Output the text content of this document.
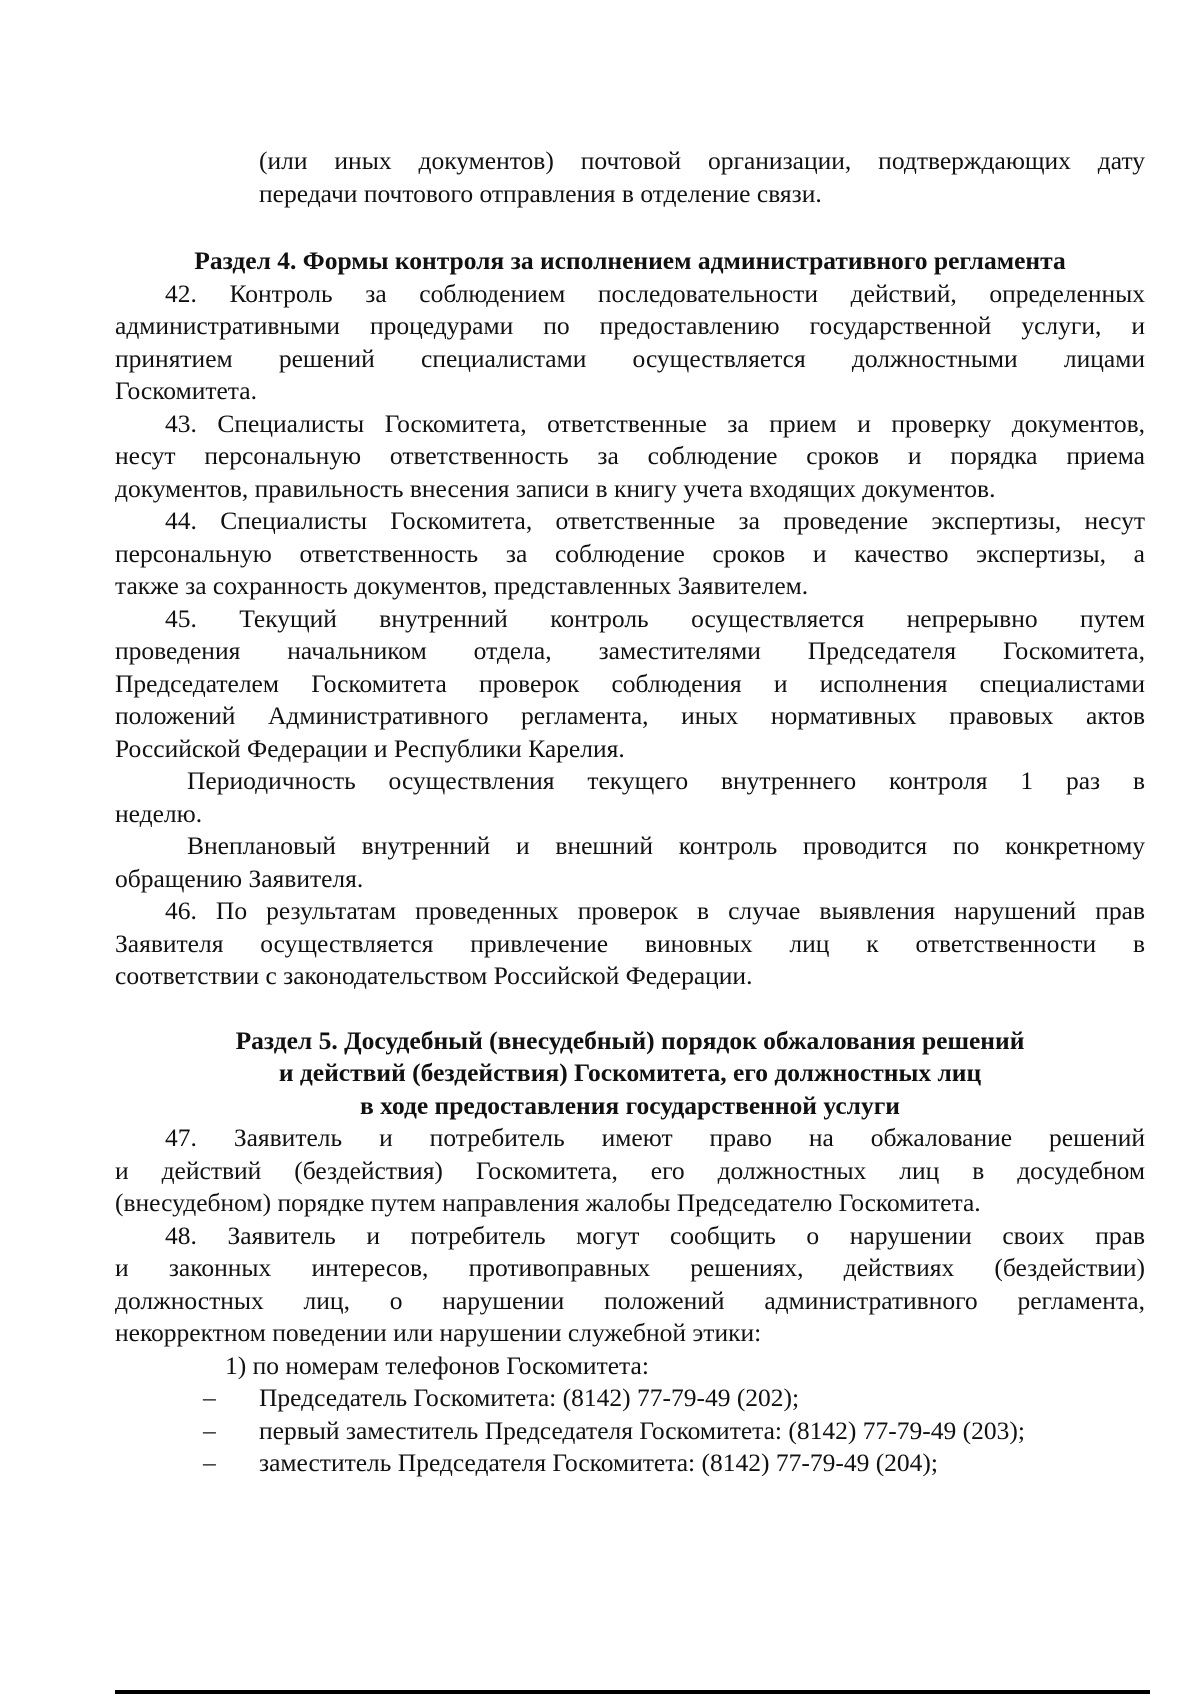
(или иных документов) почтовой организации, подтверждающих дату
передачи почтового отправления в отделение связи.
Раздел 4. Формы контроля за исполнением административного регламента
42. Контроль за соблюдением последовательности действий, определенных
административными процедурами по предоставлению государственной услуги, и
принятием решений специалистами осуществляется должностными лицами
Госкомитета.
43. Специалисты Госкомитета, ответственные за прием и проверку документов,
несут персональную ответственность за соблюдение сроков и порядка приема
документов, правильность внесения записи в книгу учета входящих документов.
44. Специалисты Госкомитета, ответственные за проведение экспертизы, несут
персональную ответственность за соблюдение сроков и качество экспертизы, а
также за сохранность документов, представленных Заявителем.
45. Текущий внутренний контроль осуществляется непрерывно путем
проведения начальником отдела, заместителями Председателя Госкомитета,
Председателем Госкомитета проверок соблюдения и исполнения специалистами
положений Административного регламента, иных нормативных правовых актов
Российской Федерации и Республики Карелия.
Периодичность осуществления текущего внутреннего контроля 1 раз в
неделю.
Внеплановый внутренний и внешний контроль проводится по конкретному
обращению Заявителя.
46. По результатам проведенных проверок в случае выявления нарушений прав
Заявителя осуществляется привлечение виновных лиц к ответственности в
соответствии с законодательством Российской Федерации.
Раздел 5. Досудебный (внесудебный) порядок обжалования решений
и действий (бездействия) Госкомитета, его должностных лиц
в ходе предоставления государственной услуги
47. Заявитель и потребитель имеют право на обжалование решений
и действий (бездействия) Госкомитета, его должностных лиц в досудебном
(внесудебном) порядке путем направления жалобы Председателю Госкомитета.
48. Заявитель и потребитель могут сообщить о нарушении своих прав
и законных интересов, противоправных решениях, действиях (бездействии)
должностных лиц, о нарушении положений административного регламента,
некорректном поведении или нарушении служебной этики:
1) по номерам телефонов Госкомитета:
– Председатель Госкомитета: (8142) 77-79-49 (202);
– первый заместитель Председателя Госкомитета: (8142) 77-79-49 (203);
– заместитель Председателя Госкомитета: (8142) 77-79-49 (204);
